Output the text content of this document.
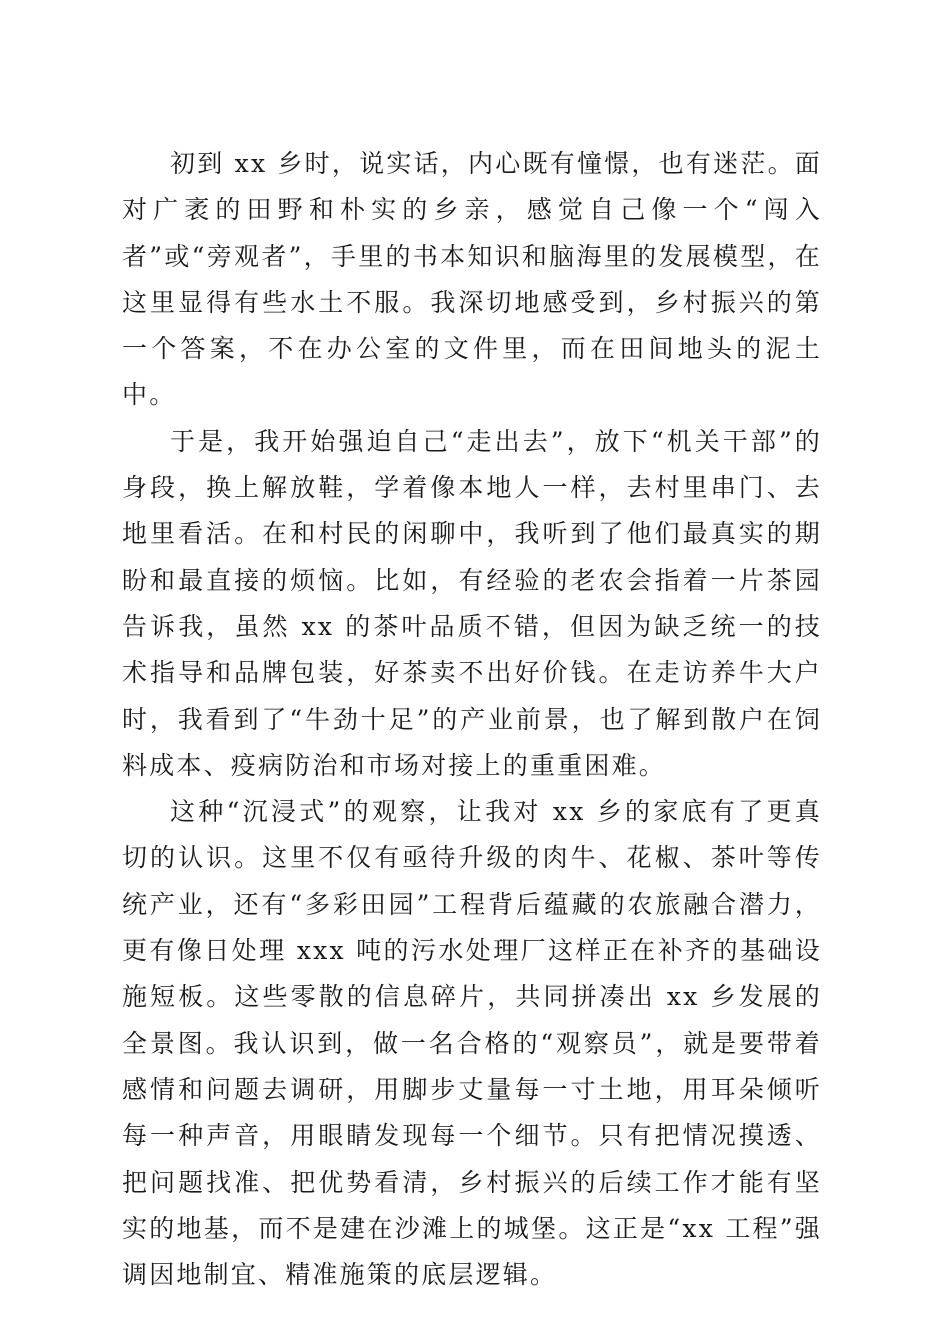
初到 xx 乡时，说实话，内心既有憧憬，也有迷茫。面对广袤的田野和朴实的乡亲，感觉自己像一个“闯入者”或“旁观者”，手里的书本知识和脑海里的发展模型，在这里显得有些水土不服。我深切地感受到，乡村振兴的第一个答案，不在办公室的文件里，而在田间地头的泥土中。

于是，我开始强迫自己“走出去”，放下“机关干部”的身段，换上解放鞋，学着像本地人一样，去村里串门、去地里看活。在和村民的闲聊中，我听到了他们最真实的期盼和最直接的烦恼。比如，有经验的老农会指着一片茶园告诉我，虽然 xx 的茶叶品质不错，但因为缺乏统一的技术指导和品牌包装，好茶卖不出好价钱。在走访养牛大户时，我看到了“牛劲十足”的产业前景，也了解到散户在饲料成本、疫病防治和市场对接上的重重困难。

这种“沉浸式”的观察，让我对 xx 乡的家底有了更真切的认识。这里不仅有亟待升级的肉牛、花椒、茶叶等传统产业，还有“多彩田园”工程背后蕴藏的农旅融合潜力，更有像日处理 xxx 吨的污水处理厂这样正在补齐的基础设施短板。这些零散的信息碎片，共同拼凑出 xx 乡发展的全景图。我认识到，做一名合格的“观察员”，就是要带着感情和问题去调研，用脚步丈量每一寸土地，用耳朵倾听每一种声音，用眼睛发现每一个细节。只有把情况摸透、把问题找准、把优势看清，乡村振兴的后续工作才能有坚实的地基，而不是建在沙滩上的城堡。这正是“xx 工程”强调因地制宜、精准施策的底层逻辑。
